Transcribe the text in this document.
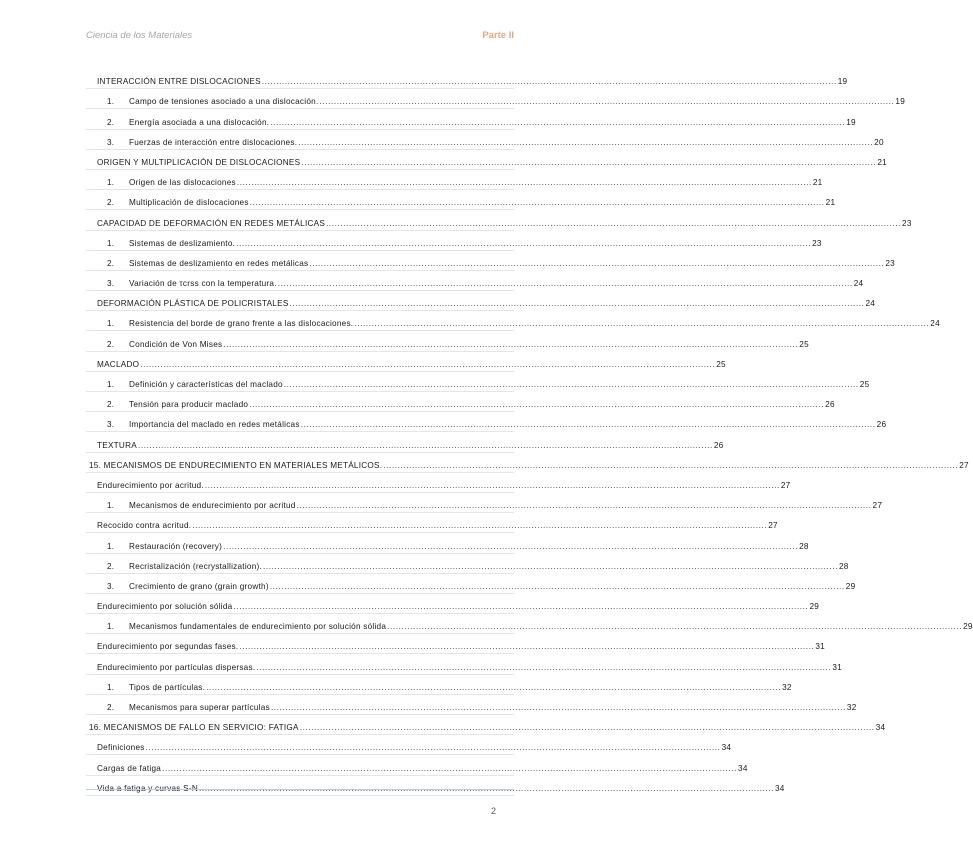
Ciencia de los Materiales	Parte II
INTERACCIÓN ENTRE DISLOCACIONES ........................................................................................................................................................................................................ 19
1.	Campo de tensiones asociado a una dislocación. ........................................................................................................................................................................................................ 19
2.	Energía asociada a una dislocación. ........................................................................................................................................................................................................ 19
3.	Fuerzas de interacción entre dislocaciones. ........................................................................................................................................................................................................ 20
ORIGEN Y MULTIPLICACIÓN DE DISLOCACIONES ........................................................................................................................................................................................................ 21
1.	Origen de las dislocaciones ........................................................................................................................................................................................................ 21
2.	Multiplicación de dislocaciones ........................................................................................................................................................................................................ 21
CAPACIDAD DE DEFORMACIÓN EN REDES METÁLICAS ........................................................................................................................................................................................................ 23
1.	Sistemas de deslizamiento. ........................................................................................................................................................................................................ 23
2.	Sistemas de deslizamiento en redes metálicas ........................................................................................................................................................................................................ 23
3.	Variación de τcrss con la temperatura. ........................................................................................................................................................................................................ 24
DEFORMACIÓN PLÁSTICA DE POLICRISTALES ........................................................................................................................................................................................................ 24
1.	Resistencia del borde de grano frente a las dislocaciones. ........................................................................................................................................................................................................ 24
2.	Condición de Von Mises ........................................................................................................................................................................................................ 25
MACLADO ........................................................................................................................................................................................................ 25
1.	Definición y características del maclado ........................................................................................................................................................................................................ 25
2.	Tensión para producir maclado ........................................................................................................................................................................................................ 26
3.	Importancia del maclado en redes metálicas ........................................................................................................................................................................................................ 26
TEXTURA ........................................................................................................................................................................................................ 26
15. MECANISMOS DE ENDURECIMIENTO EN MATERIALES METÁLICOS. ........................................................................................................................................................................................................ 27
Endurecimiento por acritud. ........................................................................................................................................................................................................ 27
1.	Mecanismos de endurecimiento por acritud ........................................................................................................................................................................................................ 27
Recocido contra acritud. ........................................................................................................................................................................................................ 27
1.	Restauración (recovery) ........................................................................................................................................................................................................ 28
2.	Recristalización (recrystallization). ........................................................................................................................................................................................................ 28
3.	Crecimiento de grano (grain growth) ........................................................................................................................................................................................................ 29
Endurecimiento por solución sólida ........................................................................................................................................................................................................ 29
1.	Mecanismos fundamentales de endurecimiento por solución sólida ........................................................................................................................................................................................................ 29
Endurecimiento por segundas fases. ........................................................................................................................................................................................................ 31
Endurecimiento por partículas dispersas. ........................................................................................................................................................................................................ 31
1.	Tipos de partículas. ........................................................................................................................................................................................................ 32
2.	Mecanismos para superar partículas ........................................................................................................................................................................................................ 32
16. MECANISMOS DE FALLO EN SERVICIO: FATIGA ........................................................................................................................................................................................................ 34
Definiciones ........................................................................................................................................................................................................ 34
Cargas de fatiga ........................................................................................................................................................................................................ 34
Vida a fatiga y curvas S-N ........................................................................................................................................................................................................ 34
2
